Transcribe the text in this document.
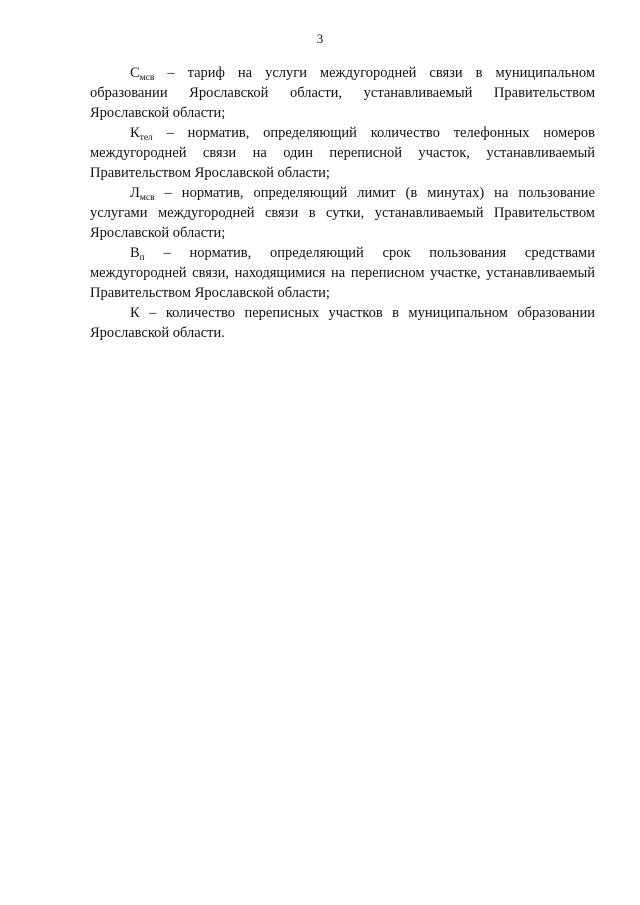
3

$С_{мсв}$ – тариф на услуги междугородней связи в муниципальном образовании Ярославской области, устанавливаемый Правительством Ярославской области;

$К_{тел}$ – норматив, определяющий количество телефонных номеров междугородней связи на один переписной участок, устанавливаемый Правительством Ярославской области;

$Л_{мсв}$ – норматив, определяющий лимит (в минутах) на пользование услугами междугородней связи в сутки, устанавливаемый Правительством Ярославской области;

$В_п$ – норматив, определяющий срок пользования средствами междугородней связи, находящимися на переписном участке, устанавливаемый Правительством Ярославской области;

К – количество переписных участков в муниципальном образовании Ярославской области.
